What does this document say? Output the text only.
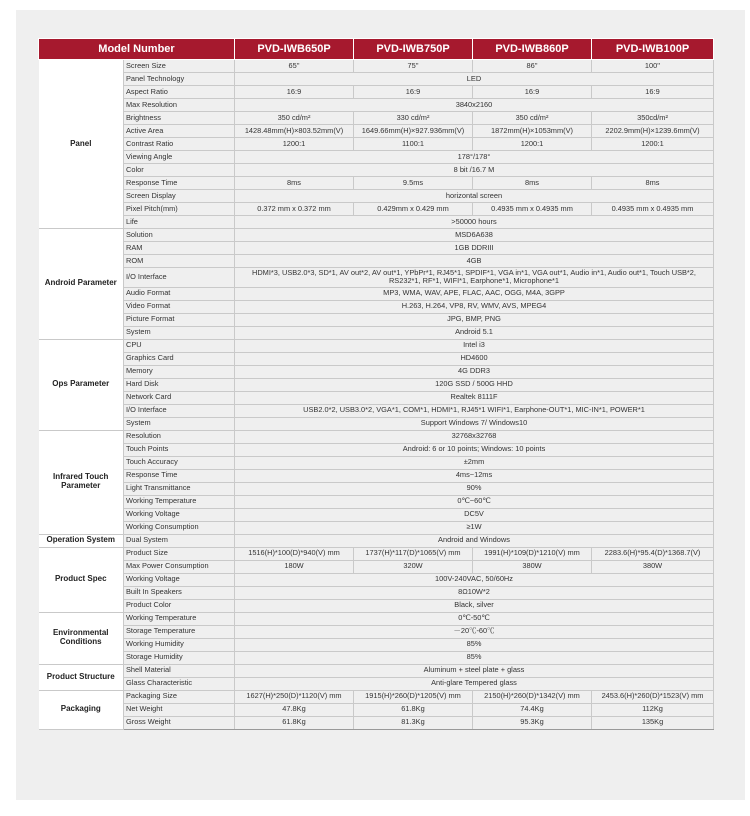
Model Number		PVD-IWB650P	PVD-IWB750P	PVD-IWB860P	PVD-IWB100P
Panel	Screen Size	65''	75''	86''	100''
	Panel Technology	LED			
	Aspect Ratio	16:9	16:9	16:9	16:9
	Max Resolution	3840x2160			
	Brightness	350 cd/m²	330 cd/m²	350 cd/m²	350cd/m²
	Active Area	1428.48mm(H)×803.52mm(V)	1649.66mm(H)×927.936mm(V)	1872mm(H)×1053mm(V)	2202.9mm(H)×1239.6mm(V)
	Contrast Ratio	1200:1	1100:1	1200:1	1200:1
	Viewing Angle	178°/178°			
	Color	8 bit /16.7 M			
	Response Time	8ms	9.5ms	8ms	8ms
	Screen Display	horizontal screen			
	Pixel Pitch(mm)	0.372 mm x 0.372 mm	0.429mm x 0.429 mm	0.4935 mm x 0.4935 mm	0.4935 mm x 0.4935 mm
	Life	>50000 hours			
Android Parameter	Solution	MSD6A638			
	RAM	1GB DDRIII			
	ROM	4GB			
	I/O Interface	HDMI*3, USB2.0*3, SD*1, AV out*2, AV out*1, YPbPr*1, RJ45*1, SPDIF*1, VGA in*1, VGA out*1, Audio in*1, Audio out*1, Touch USB*2, RS232*1, RF*1, WIFI*1, Earphone*1, Microphone*1			
	Audio Format	MP3, WMA, WAV, APE, FLAC, AAC, OGG, M4A, 3GPP			
	Video Format	H.263, H.264, VP8, RV, WMV, AVS, MPEG4			
	Picture Format	JPG, BMP, PNG			
	System	Android 5.1			
Ops Parameter	CPU	Intel i3			
	Graphics Card	HD4600			
	Memory	4G DDR3			
	Hard Disk	120G SSD / 500G HHD			
	Network Card	Realtek 8111F			
	I/O Interface	USB2.0*2, USB3.0*2, VGA*1, COM*1, HDMI*1, RJ45*1 WIFI*1, Earphone-OUT*1, MIC-IN*1, POWER*1			
	System	Support Windows 7/ Windows10			
Infrared Touch Parameter	Resolution	32768x32768			
	Touch Points	Android: 6 or 10 points; Windows: 10 points			
	Touch Accuracy	±2mm			
	Response Time	4ms~12ms			
	Light Transmittance	90%			
	Working Temperature	0℃~60℃			
	Working Voltage	DC5V			
	Working Consumption	≥1W			
Operation System	Dual System	Android and Windows			
Product Spec	Product Size	1516(H)*100(D)*940(V) mm	1737(H)*117(D)*1065(V) mm	1991(H)*109(D)*1210(V) mm	2283.6(H)*95.4(D)*1368.7(V)
	Max Power Consumption	180W	320W	380W	380W
	Working Voltage	100V-240VAC, 50/60Hz			
	Built In Speakers	8Ω10W*2			
	Product Color	Black, silver			
Environmental Conditions	Working Temperature	0℃-50℃			
	Storage Temperature	－20℃-60℃			
	Working Humidity	85%			
	Storage Humidity	85%			
Product Structure	Shell Material	Aluminum + steel plate + glass			
	Glass Characteristic	Anti-glare Tempered glass			
Packaging	Packaging Size	1627(H)*250(D)*1120(V) mm	1915(H)*260(D)*1205(V) mm	2150(H)*260(D)*1342(V) mm	2453.6(H)*260(D)*1523(V) mm
	Net Weight	47.8Kg	61.8Kg	74.4Kg	112Kg
	Gross Weight	61.8Kg	81.3Kg	95.3Kg	135Kg
